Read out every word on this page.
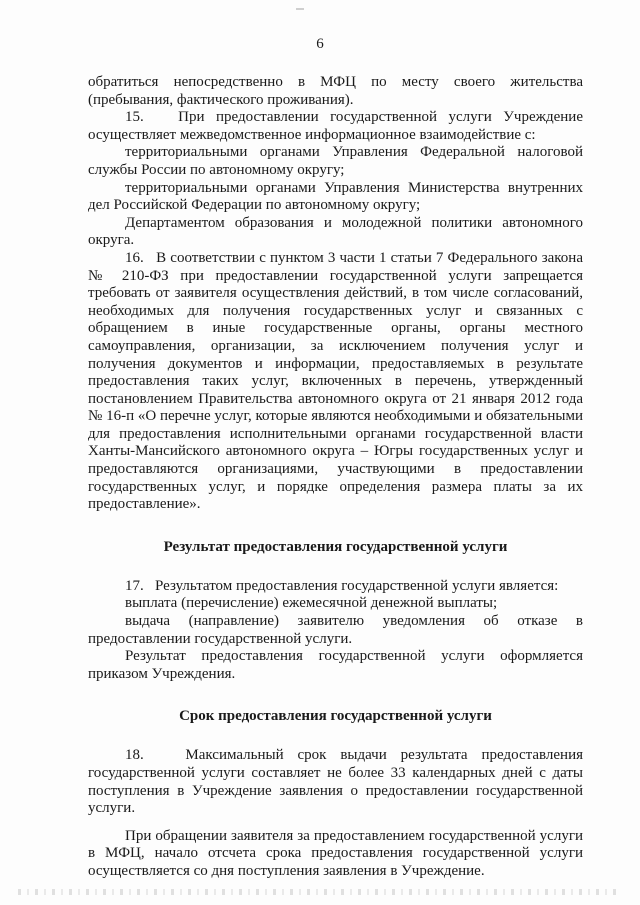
6

обратиться непосредственно в МФЦ по месту своего жительства (пребывания, фактического проживания).

15.   При предоставлении государственной услуги Учреждение осуществляет межведомственное информационное взаимодействие с:

территориальными органами Управления Федеральной налоговой службы России по автономному округу;

территориальными органами Управления Министерства внутренних дел Российской Федерации по автономному округу;

Департаментом образования и молодежной политики автономного округа.

16.   В соответствии с пунктом 3 части 1 статьи 7 Федерального закона № 210-ФЗ при предоставлении государственной услуги запрещается требовать от заявителя осуществления действий, в том числе согласований, необходимых для получения государственных услуг и связанных с обращением в иные государственные органы, органы местного самоуправления, организации, за исключением получения услуг и получения документов и информации, предоставляемых в результате предоставления таких услуг, включенных в перечень, утвержденный постановлением Правительства автономного округа от 21 января 2012 года № 16-п «О перечне услуг, которые являются необходимыми и обязательными для предоставления исполнительными органами государственной власти Ханты-Мансийского автономного округа – Югры государственных услуг и предоставляются организациями, участвующими в предоставлении государственных услуг, и порядке определения размера платы за их предоставление».

Результат предоставления государственной услуги

17.   Результатом предоставления государственной услуги является:

выплата (перечисление) ежемесячной денежной выплаты;

выдача (направление) заявителю уведомления об отказе в предоставлении государственной услуги.

Результат предоставления государственной услуги оформляется приказом Учреждения.

Срок предоставления государственной услуги

18.   Максимальный срок выдачи результата предоставления государственной услуги составляет не более 33 календарных дней с даты поступления в Учреждение заявления о предоставлении государственной услуги.

При обращении заявителя за предоставлением государственной услуги в МФЦ, начало отсчета срока предоставления государственной услуги осуществляется со дня поступления заявления в Учреждение.
